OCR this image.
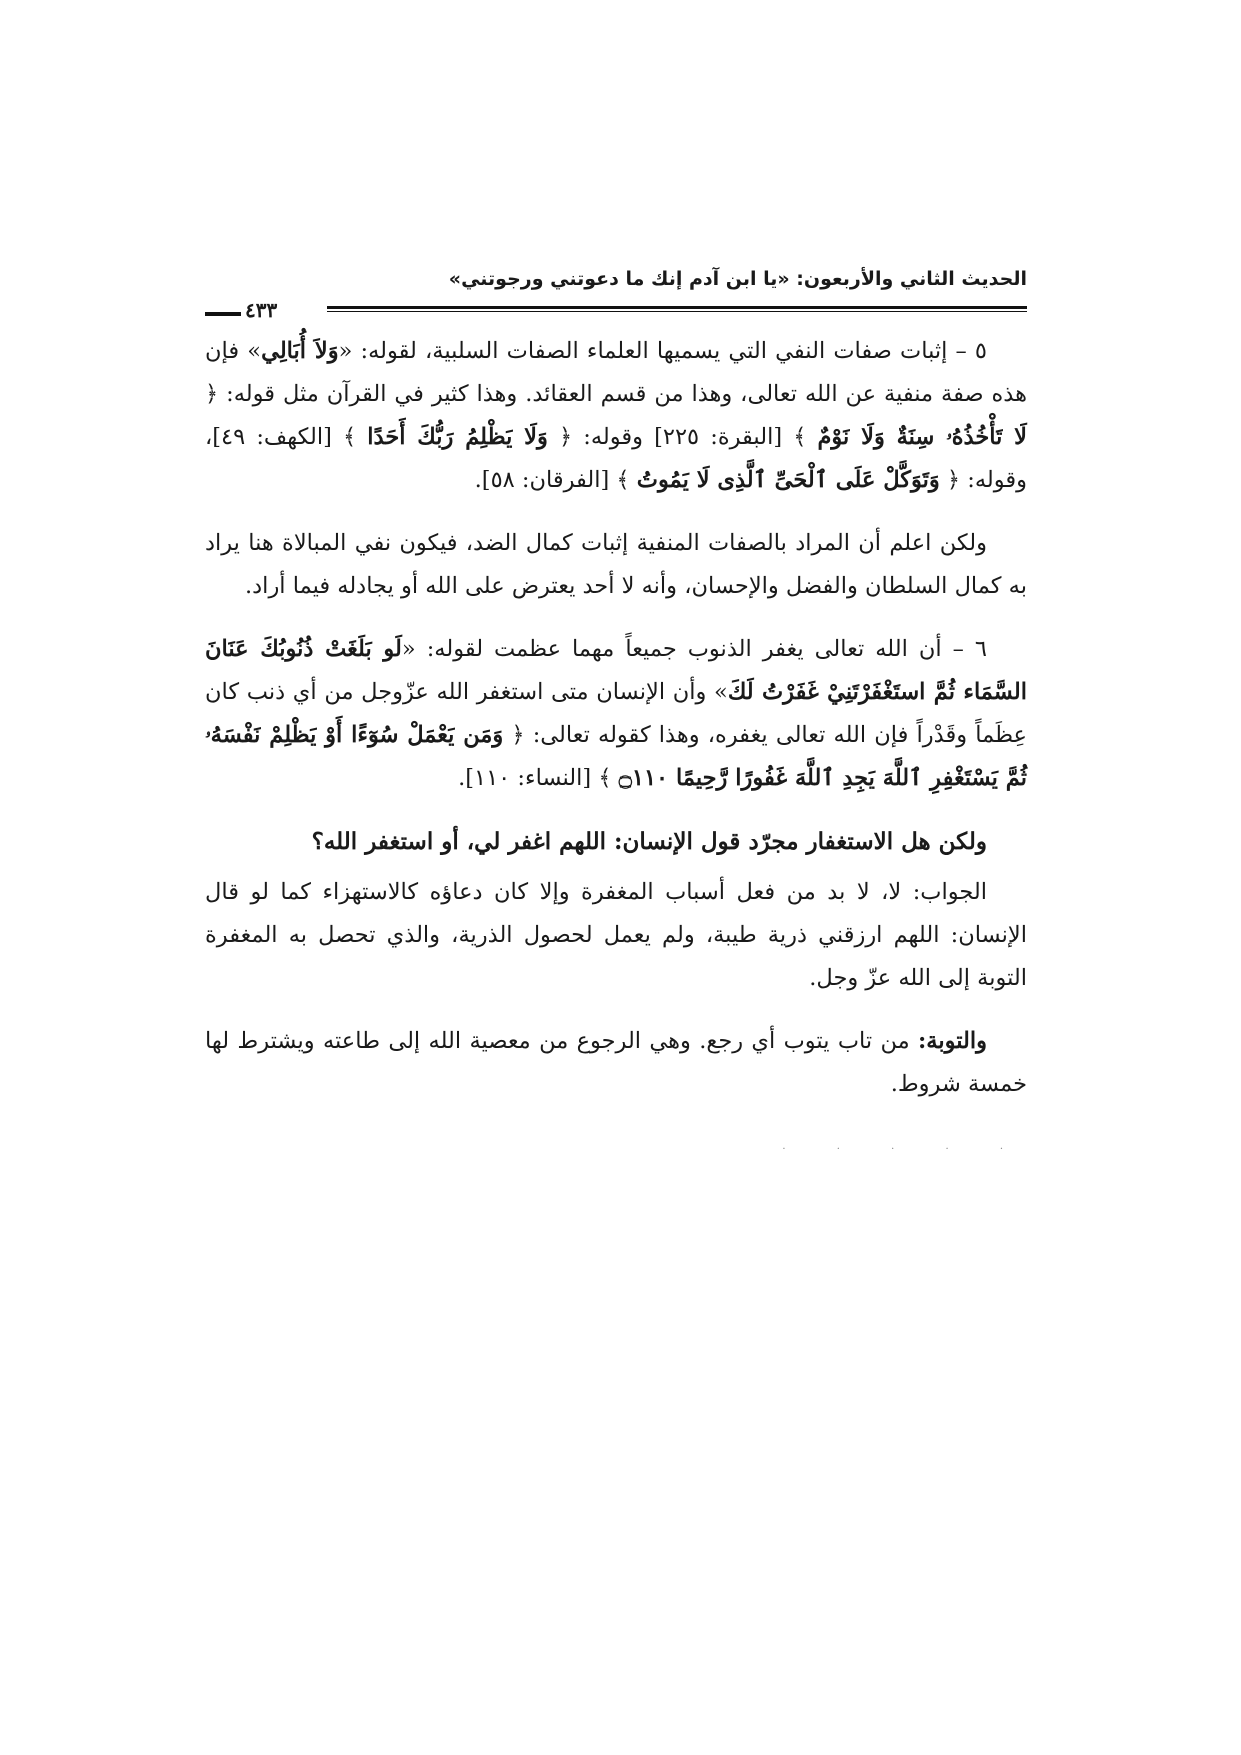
الحديث الثاني والأربعون: «يا ابن آدم إنك ما دعوتني ورجوتني»
٤٣٣

٥ – إثبات صفات النفي التي يسميها العلماء الصفات السلبية، لقوله: «وَلاَ أُبَالِي» فإن هذه صفة منفية عن الله تعالى، وهذا من قسم العقائد. وهذا كثير في القرآن مثل قوله: ﴿ لَا تَأْخُذُهُۥ سِنَةٌ وَلَا نَوْمٌ ﴾ [البقرة: ٢٢٥] وقوله: ﴿ وَلَا يَظْلِمُ رَبُّكَ أَحَدًا ﴾ [الكهف: ٤٩]، وقوله: ﴿ وَتَوَكَّلْ عَلَى ٱلْحَىِّ ٱلَّذِى لَا يَمُوتُ ﴾ [الفرقان: ٥٨].

ولكن اعلم أن المراد بالصفات المنفية إثبات كمال الضد، فيكون نفي المبالاة هنا يراد به كمال السلطان والفضل والإحسان، وأنه لا أحد يعترض على الله أو يجادله فيما أراد.

٦ – أن الله تعالى يغفر الذنوب جميعاً مهما عظمت لقوله: «لَو بَلَغَتْ ذُنُوبُكَ عَنَانَ السَّمَاء ثُمَّ استَغْفَرْتَنِيْ غَفَرْتُ لَكَ» وأن الإنسان متى استغفر الله عزّوجل من أي ذنب كان عِظَماً وقَدْراً فإن الله تعالى يغفره، وهذا كقوله تعالى: ﴿ وَمَن يَعْمَلْ سُوٓءًا أَوْ يَظْلِمْ نَفْسَهُۥ ثُمَّ يَسْتَغْفِرِ ٱللَّهَ يَجِدِ ٱللَّهَ غَفُورًا رَّحِيمًا ۝١١٠ ﴾ [النساء: ١١٠].

ولكن هل الاستغفار مجرّد قول الإنسان: اللهم اغفر لي، أو استغفر الله؟

الجواب: لا، لا بد من فعل أسباب المغفرة وإلا كان دعاؤه كالاستهزاء كما لو قال الإنسان: اللهم ارزقني ذرية طيبة، ولم يعمل لحصول الذرية، والذي تحصل به المغفرة التوبة إلى الله عزّ وجل.

والتوبة: من تاب يتوب أي رجع. وهي الرجوع من معصية الله إلى طاعته ويشترط لها خمسة شروط.

· · · · ·
